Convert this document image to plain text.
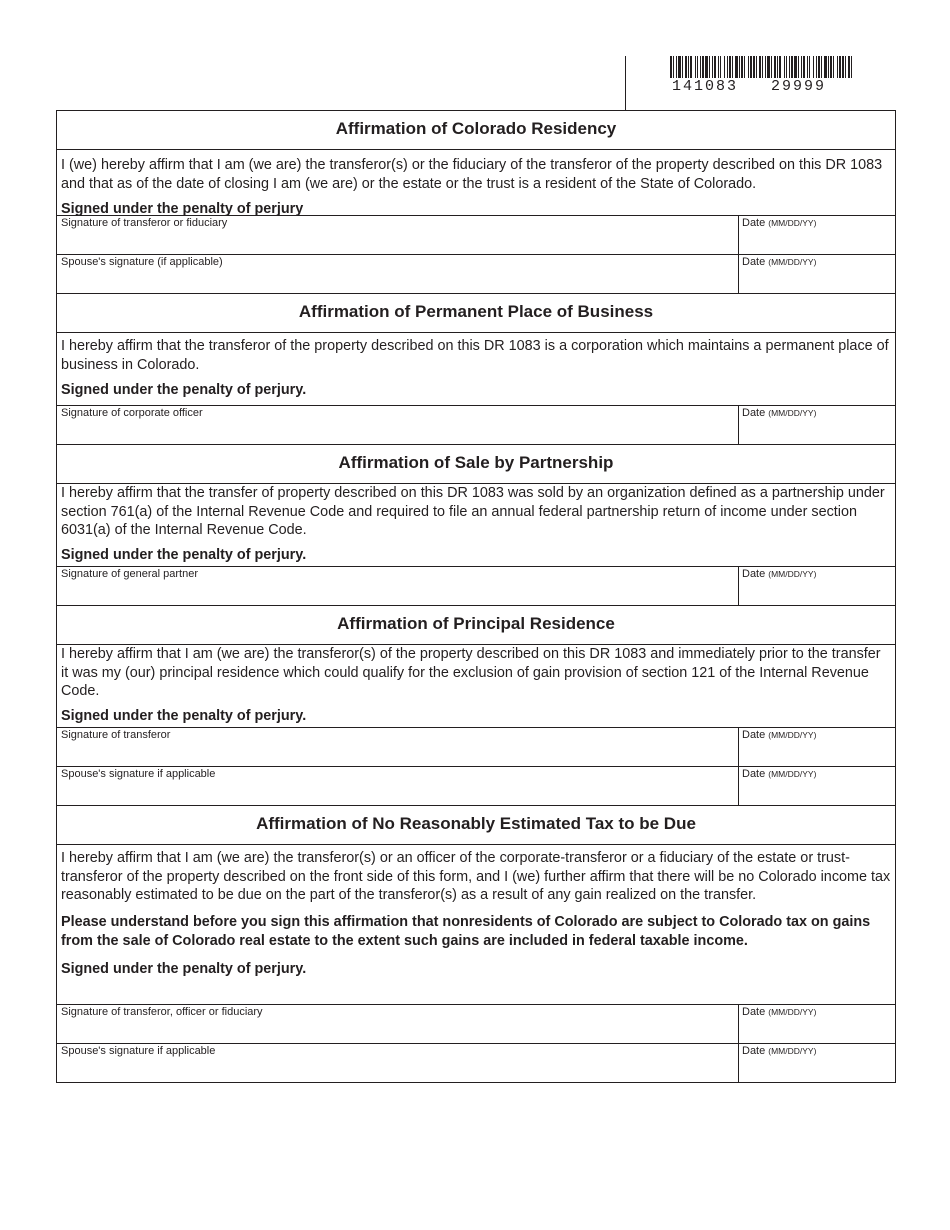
141083   29999
Affirmation of Colorado Residency

I (we) hereby affirm that I am (we are) the transferor(s) or the fiduciary of the transferor of the property described on this DR 1083 and that as of the date of closing I am (we are) or the estate or the trust is a resident of the State of Colorado.

Signed under the penalty of perjury

Signature of transferor or fiduciary	Date (MM/DD/YY)
Spouse's signature (if applicable)	Date (MM/DD/YY)
Affirmation of Permanent Place of Business

I hereby affirm that the transferor of the property described on this DR 1083 is a corporation which maintains a permanent place of business in Colorado.

Signed under the penalty of perjury.

Signature of corporate officer	Date (MM/DD/YY)
Affirmation of Sale by Partnership

I hereby affirm that the transfer of property described on this DR 1083 was sold by an organization defined as a partnership under section 761(a) of the Internal Revenue Code and required to file an annual federal partnership return of income under section 6031(a) of the Internal Revenue Code.

Signed under the penalty of perjury.

Signature of general partner	Date (MM/DD/YY)
Affirmation of Principal Residence

I hereby affirm that I am (we are) the transferor(s) of the property described on this DR 1083 and immediately prior to the transfer it was my (our) principal residence which could qualify for the exclusion of gain provision of section 121 of the Internal Revenue Code.

Signed under the penalty of perjury.

Signature of transferor	Date (MM/DD/YY)
Spouse's signature if applicable	Date (MM/DD/YY)
Affirmation of No Reasonably Estimated Tax to be Due

I hereby affirm that I am (we are) the transferor(s) or an officer of the corporate-transferor or a fiduciary of the estate or trust-transferor of the property described on the front side of this form, and I (we) further affirm that there will be no Colorado income tax reasonably estimated to be due on the part of the transferor(s) as a result of any gain realized on the transfer.

Please understand before you sign this affirmation that nonresidents of Colorado are subject to Colorado tax on gains from the sale of Colorado real estate to the extent such gains are included in federal taxable income.

Signed under the penalty of perjury.

Signature of transferor, officer or fiduciary	Date (MM/DD/YY)
Spouse's signature if applicable	Date (MM/DD/YY)
